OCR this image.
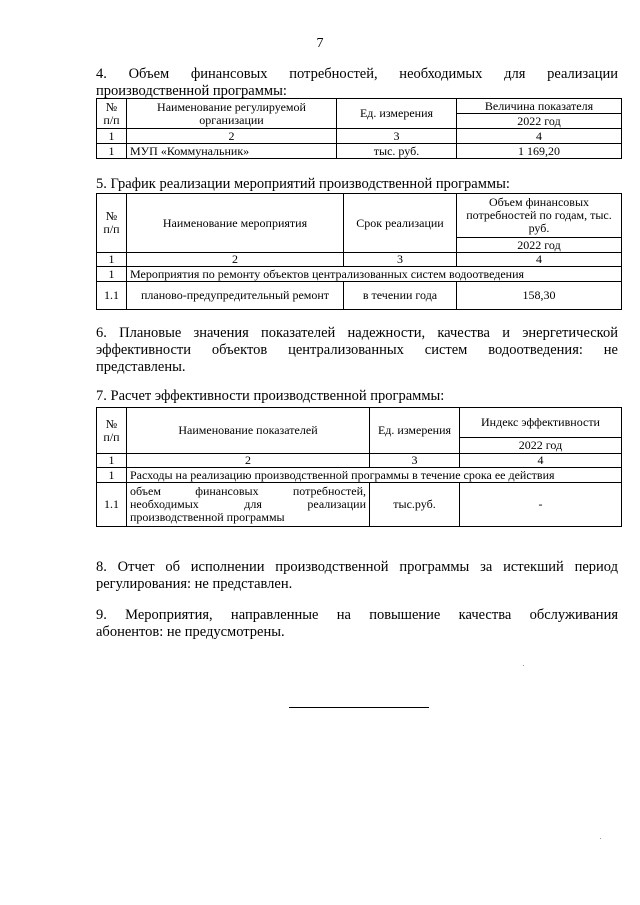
7
4. Объем финансовых потребностей, необходимых для реализации
производственной программы:
№ п/п	Наименование регулируемой организации	Ед. измерения	Величина показателя
			2022 год
1	2	3	4
1	МУП «Коммунальник»	тыс. руб.	1 169,20
5. График реализации мероприятий производственной программы:
№ п/п	Наименование мероприятия	Срок реализации	Объем финансовых потребностей по годам, тыс. руб.
			2022 год
1	2	3	4
1	Мероприятия по ремонту объектов централизованных систем водоотведения		
1.1	планово-предупредительный ремонт	в течении года	158,30
6. Плановые значения показателей надежности, качества и энергетической
эффективности объектов централизованных систем водоотведения: не
представлены.
7. Расчет эффективности производственной программы:
№ п/п	Наименование показателей	Ед. измерения	Индекс эффективности
			2022 год
1	2	3	4
1	Расходы на реализацию производственной программы в течение срока ее действия		
1.1	объем финансовых потребностей, необходимых для реализации производственной программы	тыс.руб.	-
8. Отчет об исполнении производственной программы за истекший период
регулирования: не представлен.
9. Мероприятия, направленные на повышение качества обслуживания
абонентов: не предусмотрены.
